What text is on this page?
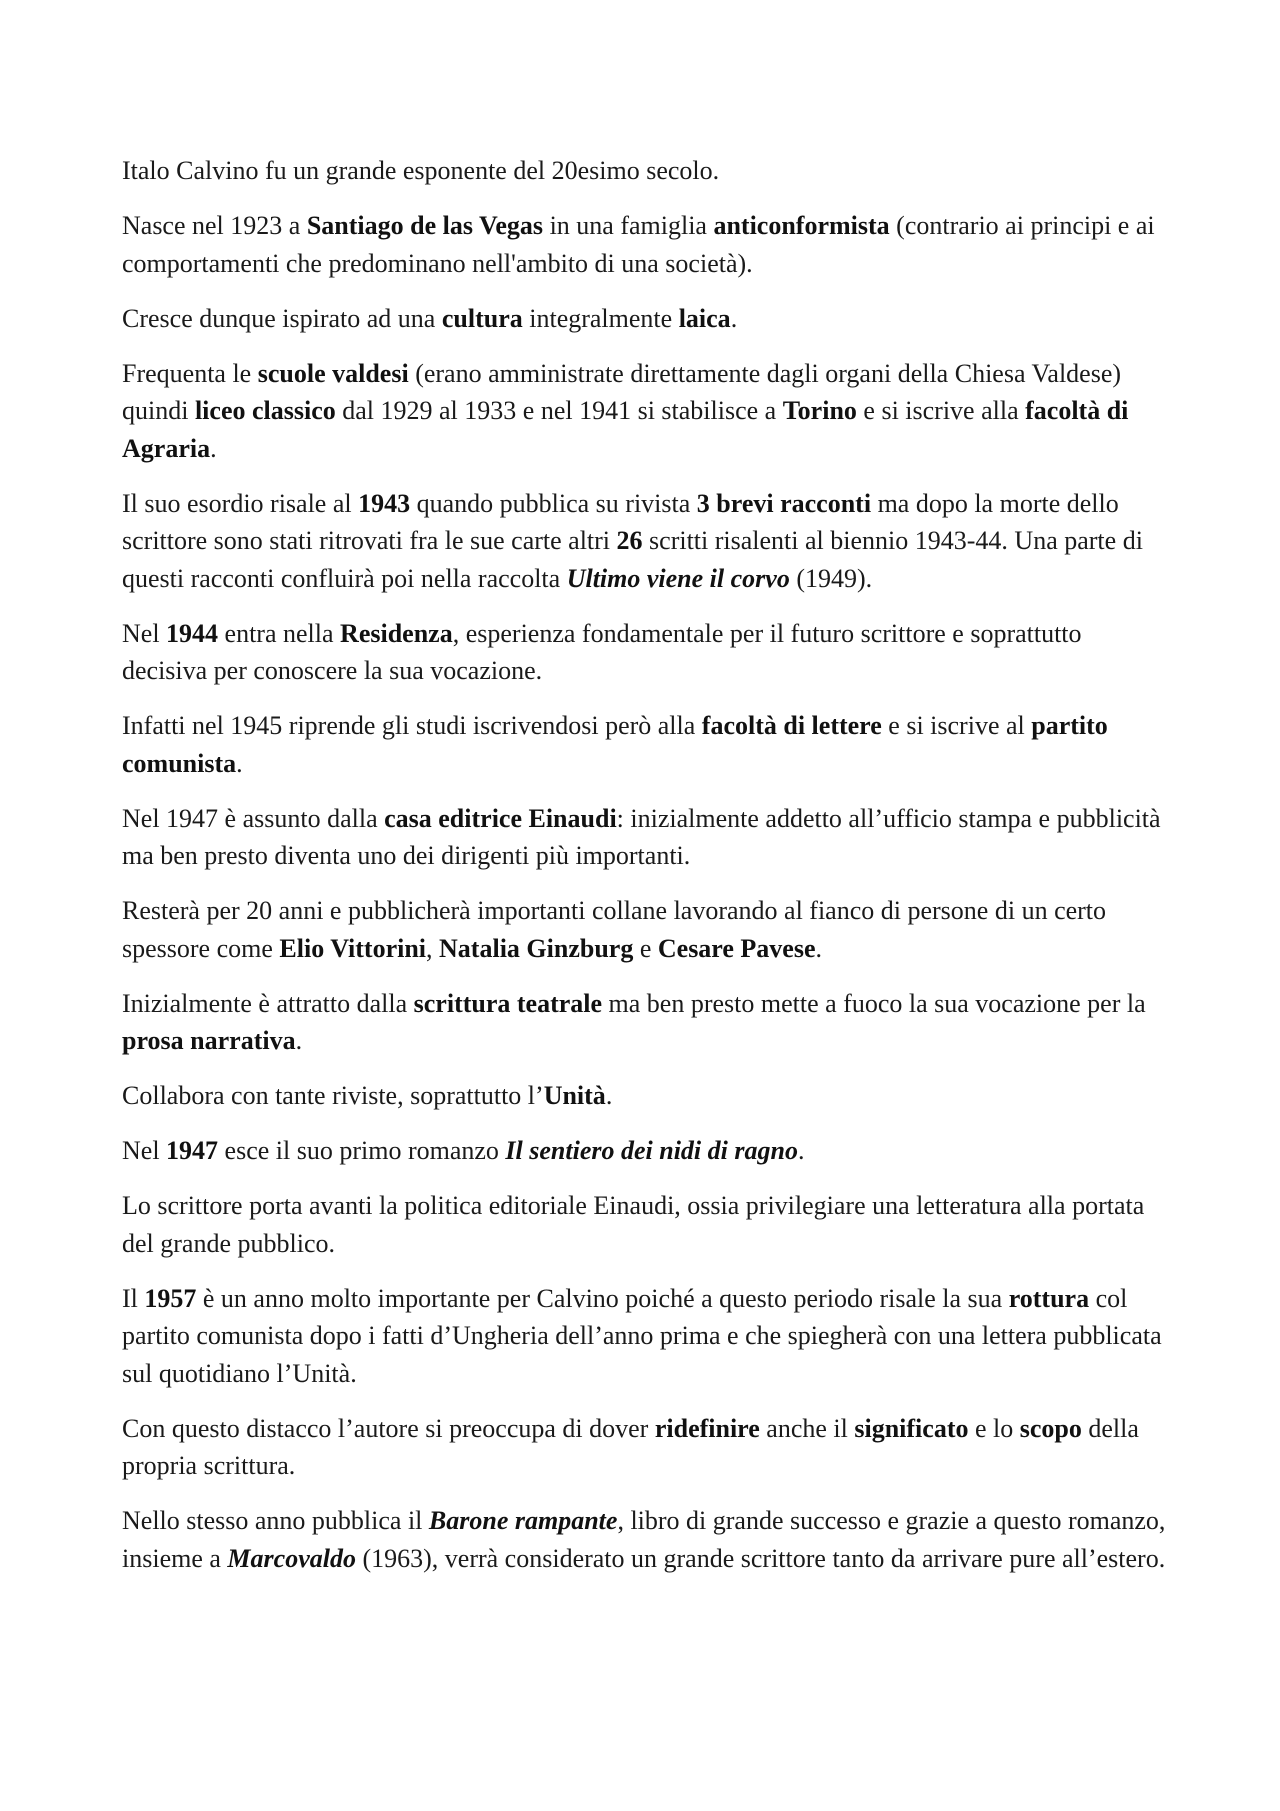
Italo Calvino fu un grande esponente del 20esimo secolo.

Nasce nel 1923 a Santiago de las Vegas in una famiglia anticonformista (contrario ai principi e ai comportamenti che predominano nell'ambito di una società).

Cresce dunque ispirato ad una cultura integralmente laica.

Frequenta le scuole valdesi (erano amministrate direttamente dagli organi della Chiesa Valdese) quindi liceo classico dal 1929 al 1933 e nel 1941 si stabilisce a Torino e si iscrive alla facoltà di Agraria.

Il suo esordio risale al 1943 quando pubblica su rivista 3 brevi racconti ma dopo la morte dello scrittore sono stati ritrovati fra le sue carte altri 26 scritti risalenti al biennio 1943-44. Una parte di questi racconti confluirà poi nella raccolta Ultimo viene il corvo (1949).

Nel 1944 entra nella Residenza, esperienza fondamentale per il futuro scrittore e soprattutto decisiva per conoscere la sua vocazione.

Infatti nel 1945 riprende gli studi iscrivendosi però alla facoltà di lettere e si iscrive al partito comunista.

Nel 1947 è assunto dalla casa editrice Einaudi: inizialmente addetto all’ufficio stampa e pubblicità ma ben presto diventa uno dei dirigenti più importanti.

Resterà per 20 anni e pubblicherà importanti collane lavorando al fianco di persone di un certo spessore come Elio Vittorini, Natalia Ginzburg e Cesare Pavese.

Inizialmente è attratto dalla scrittura teatrale ma ben presto mette a fuoco la sua vocazione per la prosa narrativa.

Collabora con tante riviste, soprattutto l’Unità.

Nel 1947 esce il suo primo romanzo Il sentiero dei nidi di ragno.

Lo scrittore porta avanti la politica editoriale Einaudi, ossia privilegiare una letteratura alla portata del grande pubblico.

Il 1957 è un anno molto importante per Calvino poiché a questo periodo risale la sua rottura col partito comunista dopo i fatti d’Ungheria dell’anno prima e che spiegherà con una lettera pubblicata sul quotidiano l’Unità.

Con questo distacco l’autore si preoccupa di dover ridefinire anche il significato e lo scopo della propria scrittura.

Nello stesso anno pubblica il Barone rampante, libro di grande successo e grazie a questo romanzo, insieme a Marcovaldo (1963), verrà considerato un grande scrittore tanto da arrivare pure all’estero.
